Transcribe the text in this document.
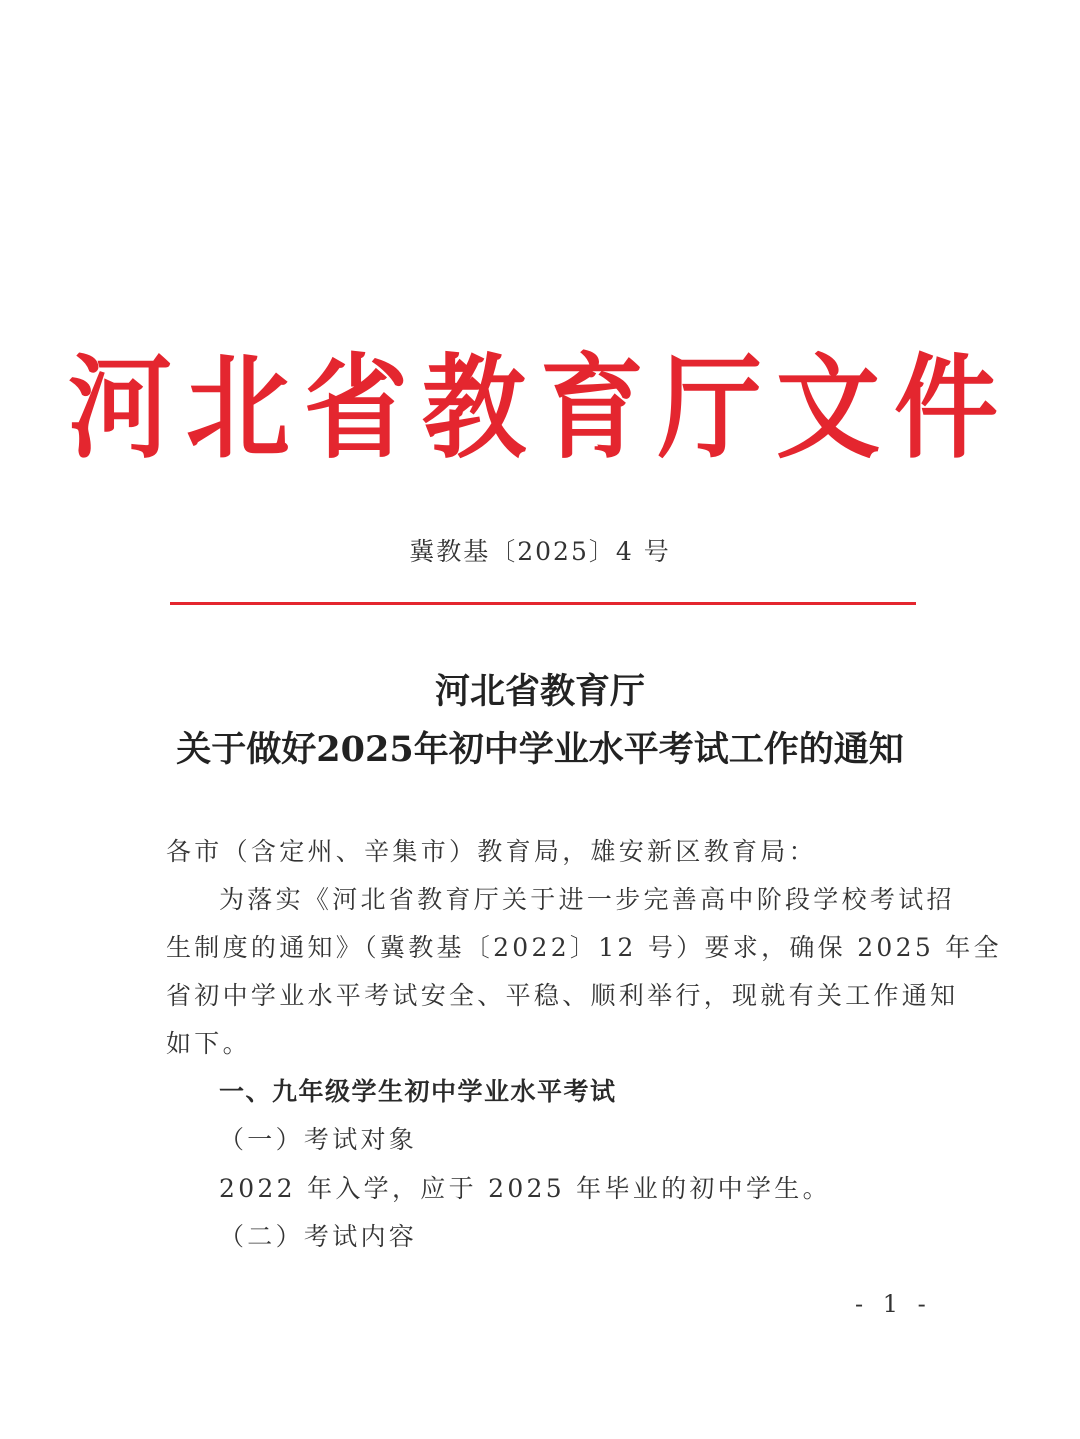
河北省教育厅文件
冀教基〔2025〕4 号
河北省教育厅
关于做好2025年初中学业水平考试工作的通知
各市（含定州、辛集市）教育局，雄安新区教育局：
为落实《河北省教育厅关于进一步完善高中阶段学校考试招
生制度的通知》（冀教基〔2022〕12 号）要求，确保 2025 年全
省初中学业水平考试安全、平稳、顺利举行，现就有关工作通知
如下。
一、九年级学生初中学业水平考试
（一）考试对象
2022 年入学，应于 2025 年毕业的初中学生。
（二）考试内容
- 1 -
